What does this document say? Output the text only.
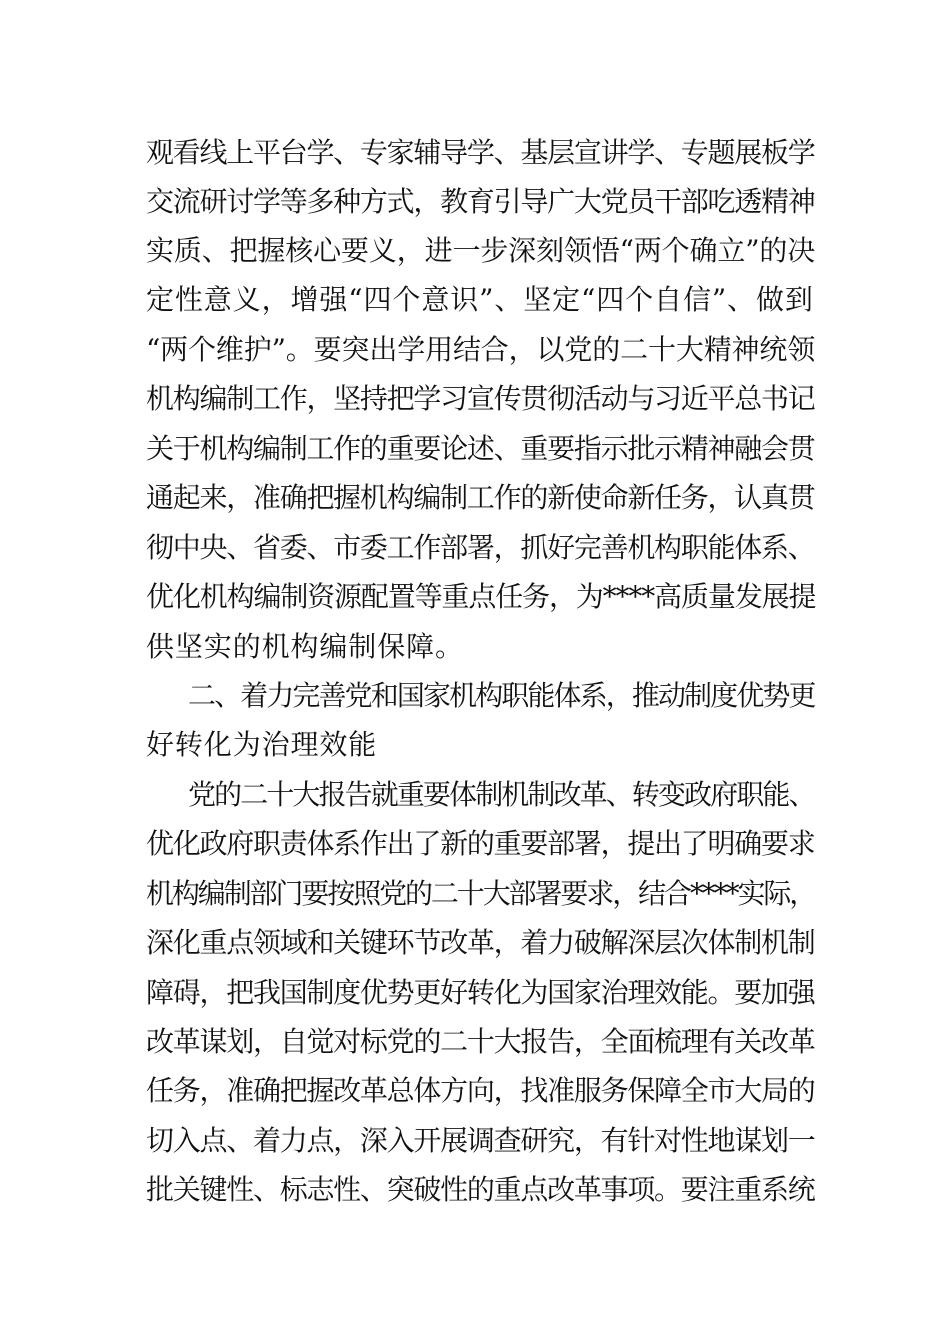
观看线上平台学、专家辅导学、基层宣讲学、专题展板学
交流研讨学等多种方式，教育引导广大党员干部吃透精神
实质、把握核心要义，进一步深刻领悟“两个确立”的决
定性意义，增强“四个意识”、坚定“四个自信”、做到
“两个维护”。要突出学用结合，以党的二十大精神统领
机构编制工作，坚持把学习宣传贯彻活动与习近平总书记
关于机构编制工作的重要论述、重要指示批示精神融会贯
通起来，准确把握机构编制工作的新使命新任务，认真贯
彻中央、省委、市委工作部署，抓好完善机构职能体系、
优化机构编制资源配置等重点任务，为****高质量发展提
供坚实的机构编制保障。
二、着力完善党和国家机构职能体系，推动制度优势更
好转化为治理效能
党的二十大报告就重要体制机制改革、转变政府职能、
优化政府职责体系作出了新的重要部署，提出了明确要求
机构编制部门要按照党的二十大部署要求，结合****实际，
深化重点领域和关键环节改革，着力破解深层次体制机制
障碍，把我国制度优势更好转化为国家治理效能。要加强
改革谋划，自觉对标党的二十大报告，全面梳理有关改革
任务，准确把握改革总体方向，找准服务保障全市大局的
切入点、着力点，深入开展调查研究，有针对性地谋划一
批关键性、标志性、突破性的重点改革事项。要注重系统
